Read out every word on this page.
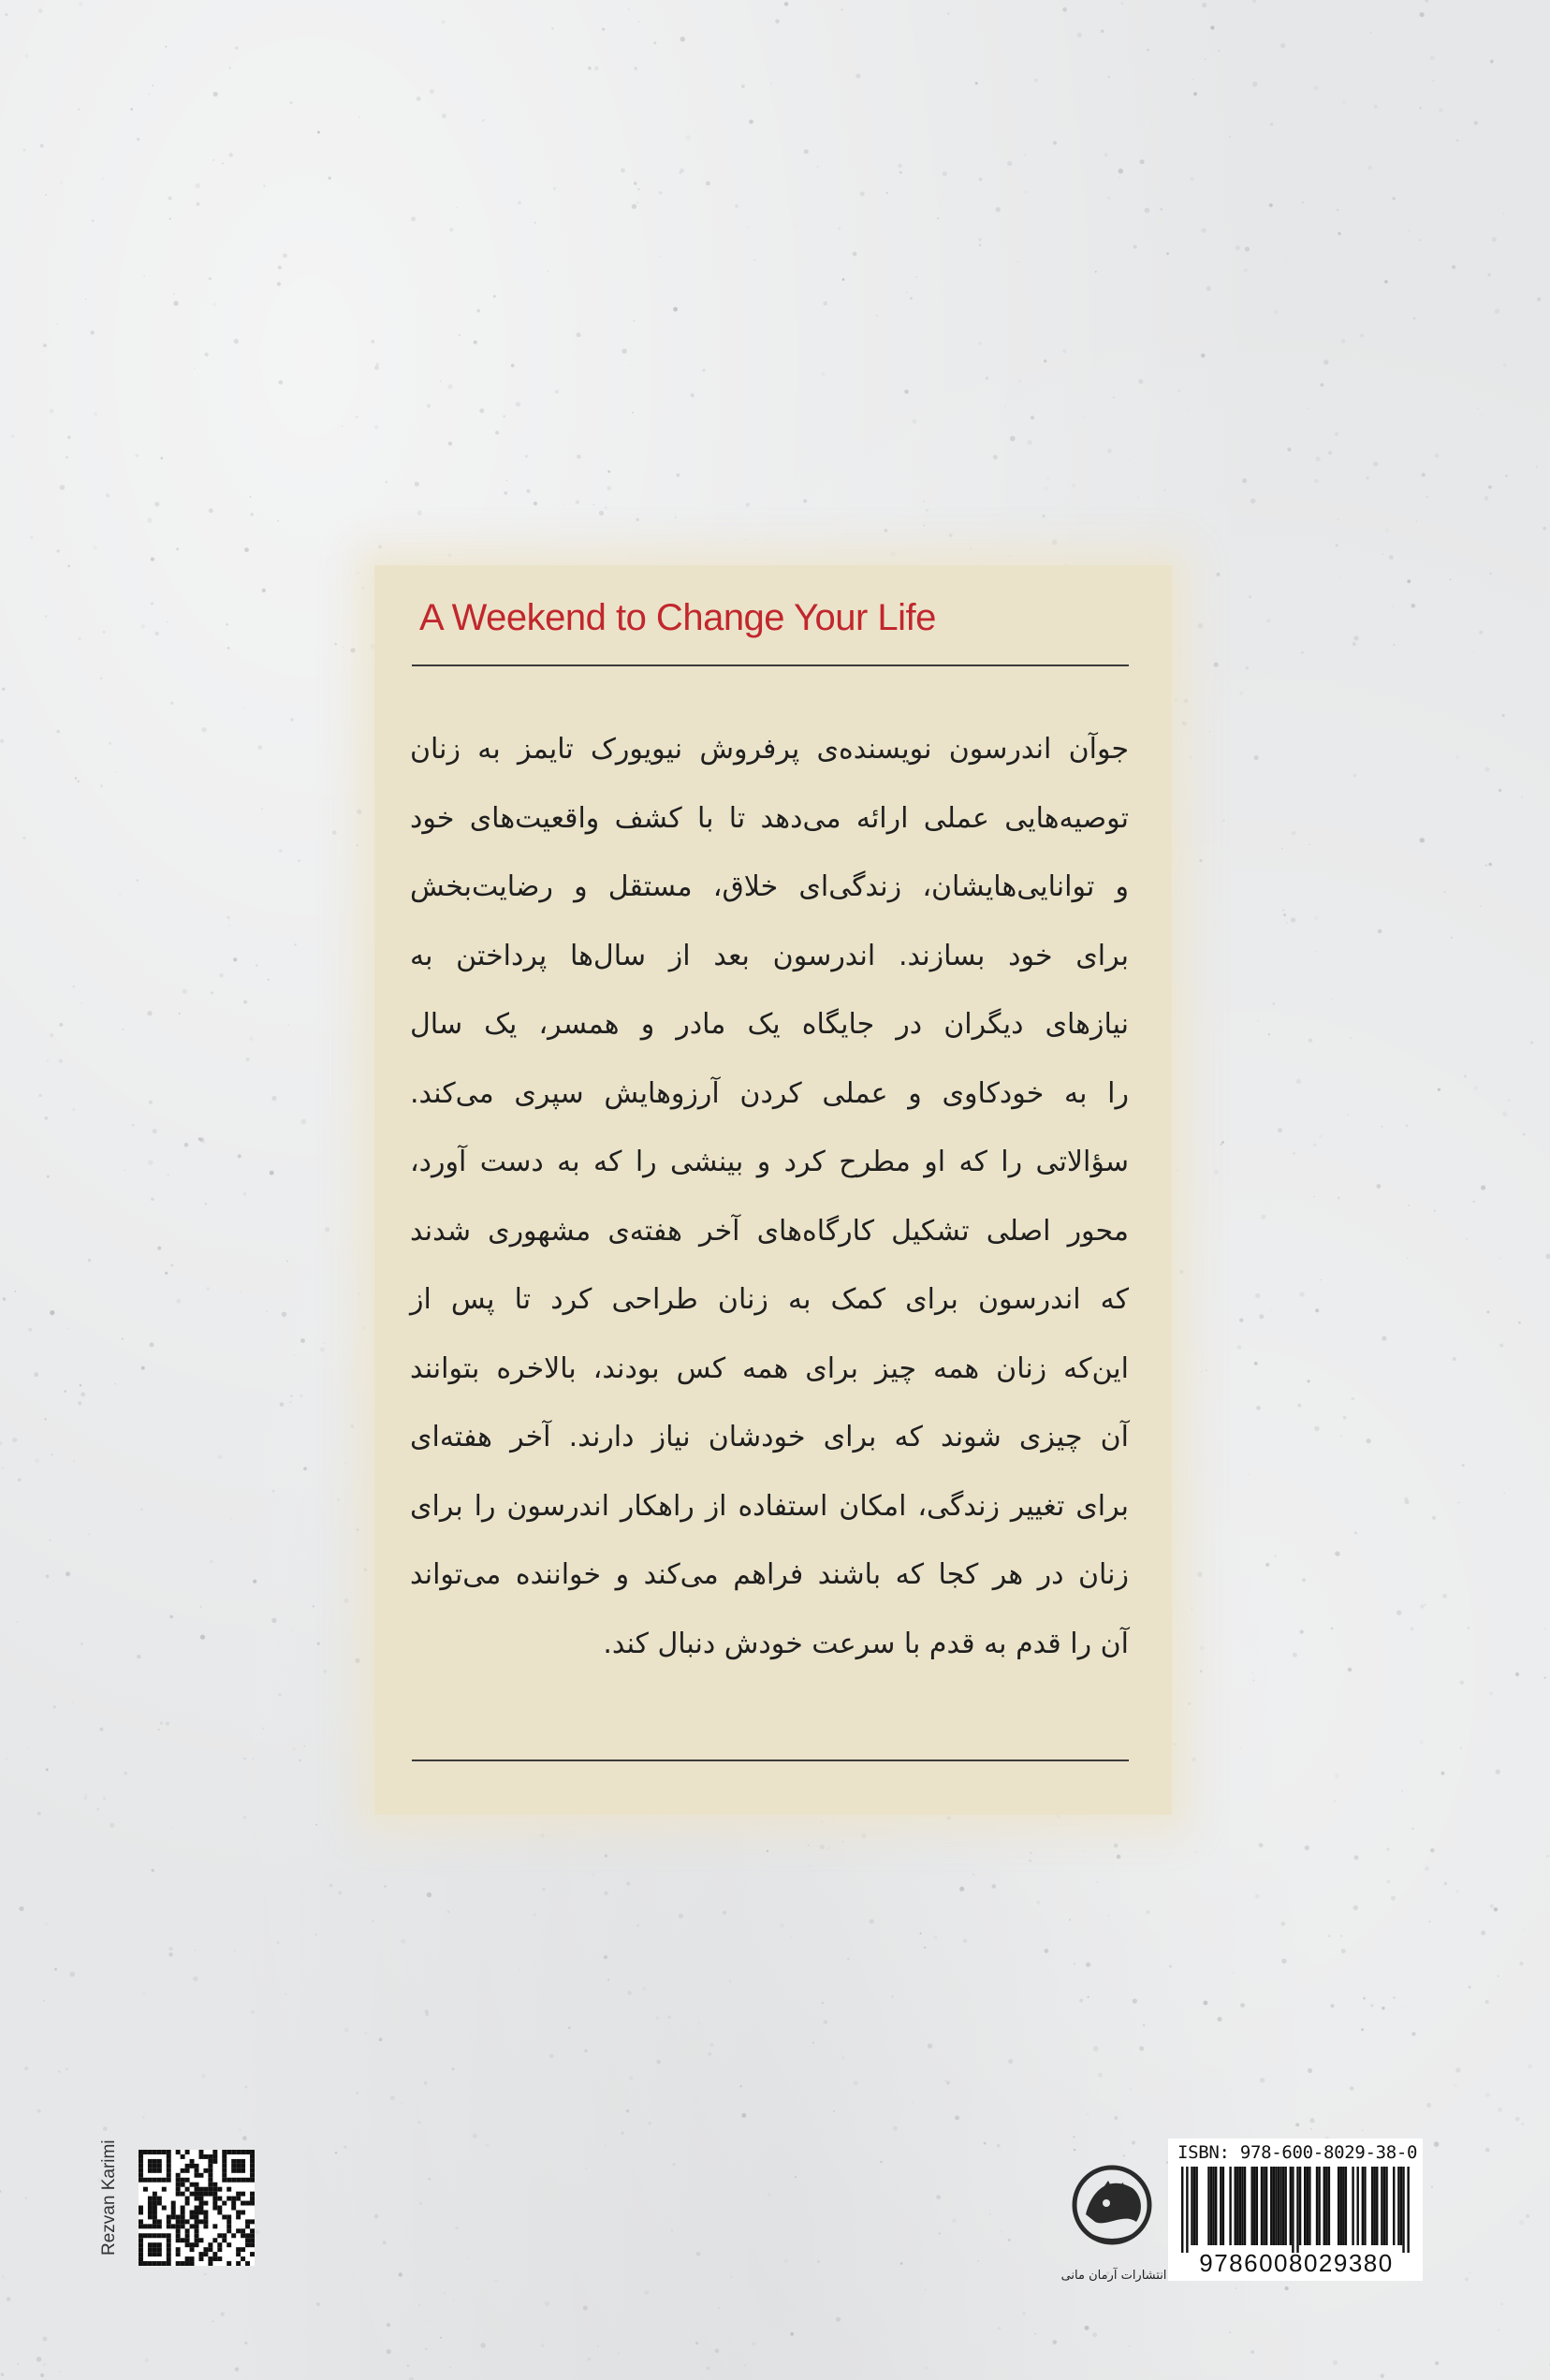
A Weekend to Change Your Life
جوآن اندرسون نویسنده‌ی پرفروش نیویورک تایمز به زنان
توصیه‌هایی عملی ارائه می‌دهد تا با کشف واقعیت‌های خود
و توانایی‌هایشان، زندگی‌ای خلاق، مستقل و رضایت‌بخش
برای خود بسازند. اندرسون بعد از سال‌ها پرداختن به
نیازهای دیگران در جایگاه یک مادر و همسر، یک سال
را به خودکاوی و عملی کردن آرزوهایش سپری می‌کند.
سؤالاتی را که او مطرح کرد و بینشی را که به دست آورد،
محور اصلی تشکیل کارگاه‌های آخر هفته‌ی مشهوری شدند
که اندرسون برای کمک به زنان طراحی کرد تا پس از
این‌که زنان همه چیز برای همه کس بودند، بالاخره بتوانند
آن چیزی شوند که برای خودشان نیاز دارند. آخر هفته‌ای
برای تغییر زندگی، امکان استفاده از راهکار اندرسون را برای
زنان در هر کجا که باشند فراهم می‌کند و خواننده می‌تواند
آن را قدم به قدم با سرعت خودش دنبال کند.
Rezvan Karimi
انتشارات آرمان مانی
ISBN: 978-600-8029-38-0
9786008029380
